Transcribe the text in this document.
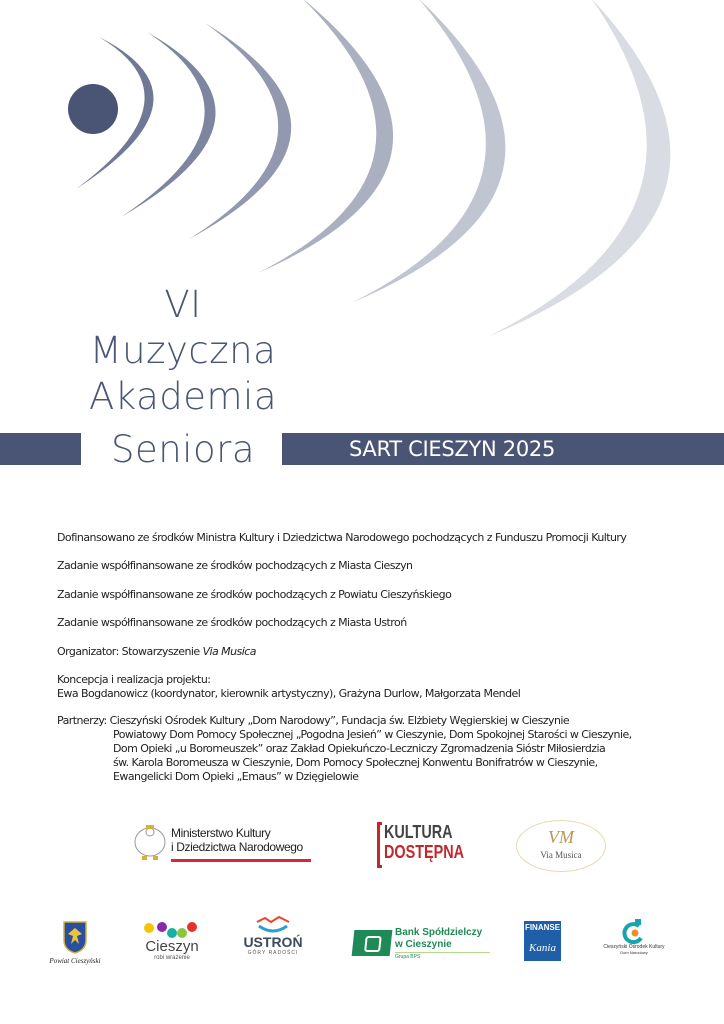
VI
Muzyczna
Akademia
Seniora	SART CIESZYN 2025
Dofinansowano ze środków Ministra Kultury i Dziedzictwa Narodowego pochodzących z Funduszu Promocji Kultury
Zadanie współfinansowane ze środków pochodzących z Miasta Cieszyn
Zadanie współfinansowane ze środków pochodzących z Powiatu Cieszyńskiego
Zadanie współfinansowane ze środków pochodzących z Miasta Ustroń
Organizator: Stowarzyszenie Via Musica
Koncepcja i realizacja projektu:
Ewa Bogdanowicz (koordynator, kierownik artystyczny), Grażyna Durlow, Małgorzata Mendel
Partnerzy: Cieszyński Ośrodek Kultury „Dom Narodowy”, Fundacja św. Elżbiety Węgierskiej w Cieszynie
Powiatowy Dom Pomocy Społecznej „Pogodna Jesień” w Cieszynie, Dom Spokojnej Starości w Cieszynie,
Dom Opieki „u Boromeuszek” oraz Zakład Opiekuńczo-Leczniczy Zgromadzenia Sióstr Miłosierdzia
św. Karola Boromeusza w Cieszynie, Dom Pomocy Społecznej Konwentu Bonifratrów w Cieszynie,
Ewangelicki Dom Opieki „Emaus” w Dzięgielowie
Ministerstwo Kultury
i Dziedzictwa Narodowego
KULTURA
DOSTĘPNA
VM
Via Musica
Powiat Cieszyński
Cieszyn
robi wrażenie
USTROŃ
GÓRY RADOŚCI
Bank Spółdzielczy
w Cieszynie
Grupa BPS
FINANSE
Kania	Cieszyński Ośrodek Kultury
Dom Narodowy
